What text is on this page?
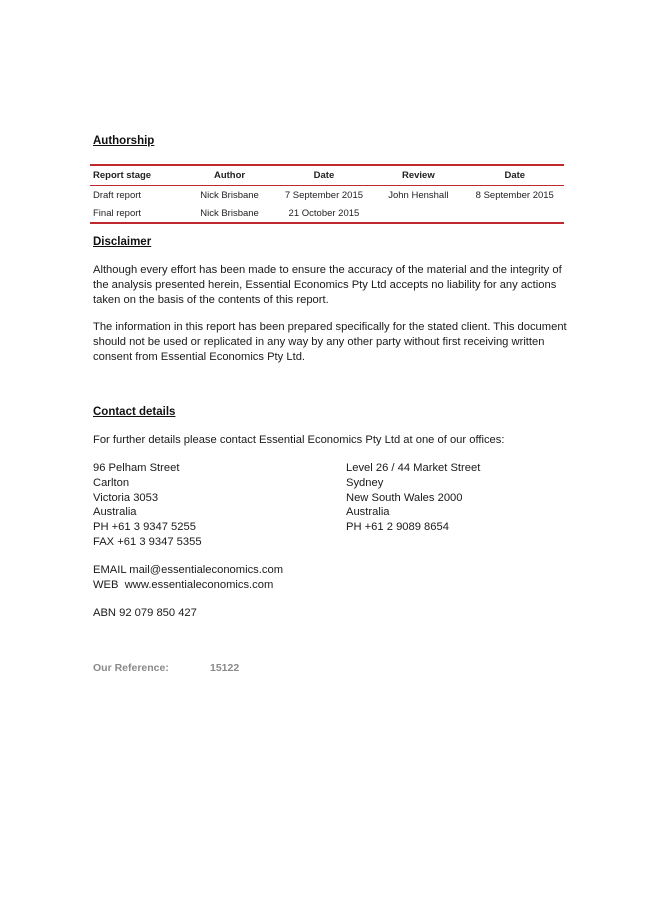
Authorship
Report stage	Author	Date	Review	Date
Draft report	Nick Brisbane	7 September 2015	John Henshall	8 September 2015
Final report	Nick Brisbane	21 October 2015		
Disclaimer

Although every effort has been made to ensure the accuracy of the material and the integrity of the analysis presented herein, Essential Economics Pty Ltd accepts no liability for any actions taken on the basis of the contents of this report.

The information in this report has been prepared specifically for the stated client. This document should not be used or replicated in any way by any other party without first receiving written consent from Essential Economics Pty Ltd.

Contact details

For further details please contact Essential Economics Pty Ltd at one of our offices:

96 Pelham Street
Carlton
Victoria 3053
Australia
PH +61 3 9347 5255
FAX +61 3 9347 5355
Level 26 / 44 Market Street
Sydney
New South Wales 2000
Australia
PH +61 2 9089 8654
EMAIL mail@essentialeconomics.com
WEB  www.essentialeconomics.com
ABN 92 079 850 427
Our Reference:	15122
